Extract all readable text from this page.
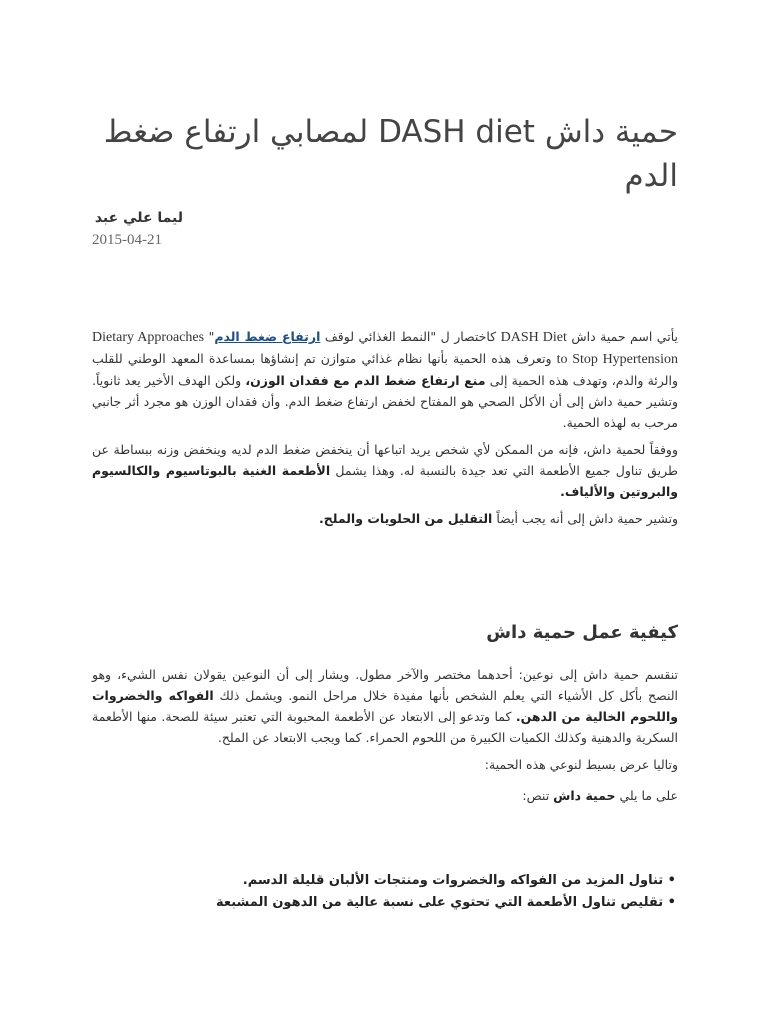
حمية داش DASH diet لمصابي ارتفاع ضغط الدم
ليما علي عبد
2015-04-21

يأتي اسم حمية داش DASH Diet كاختصار ل "النمط الغذائي لوقف ارتفاع ضغط الدم" Dietary Approaches to Stop Hypertension وتعرف هذه الحمية بأنها نظام غذائي متوازن تم إنشاؤها بمساعدة المعهد الوطني للقلب والرئة والدم، وتهدف هذه الحمية إلى منع ارتفاع ضغط الدم مع فقدان الوزن، ولكن الهدف الأخير يعد ثانوياً. وتشير حمية داش إلى أن الأكل الصحي هو المفتاح لخفض ارتفاع ضغط الدم. وأن فقدان الوزن هو مجرد أثر جانبي مرحب به لهذه الحمية.

ووفقاً لحمية داش، فإنه من الممكن لأي شخص يريد اتباعها أن ينخفض ضغط الدم لديه وينخفض وزنه ببساطة عن طريق تناول جميع الأطعمة التي تعد جيدة بالنسبة له. وهذا يشمل الأطعمة الغنية بالبوتاسيوم والكالسيوم والبروتين والألياف.

وتشير حمية داش إلى أنه يجب أيضاً التقليل من الحلويات والملح.

كيفية عمل حمية داش

تنقسم حمية داش إلى نوعين: أحدهما مختصر والآخر مطول. ويشار إلى أن النوعين يقولان نفس الشيء، وهو النصح بأكل كل الأشياء التي يعلم الشخص بأنها مفيدة خلال مراحل النمو. ويشمل ذلك الفواكه والخضروات واللحوم الخالية من الدهن. كما وتدعو إلى الابتعاد عن الأطعمة المحبوبة التي تعتبر سيئة للصحة. منها الأطعمة السكرية والدهنية وكذلك الكميات الكبيرة من اللحوم الحمراء. كما ويجب الابتعاد عن الملح.

وتاليا عرض بسيط لنوعي هذه الحمية:

على ما يلي حمية داش تنص:

• تناول المزيد من الفواكه والخضروات ومنتجات الألبان قليلة الدسم.
• تقليص تناول الأطعمة التي تحتوي على نسبة عالية من الدهون المشبعة
